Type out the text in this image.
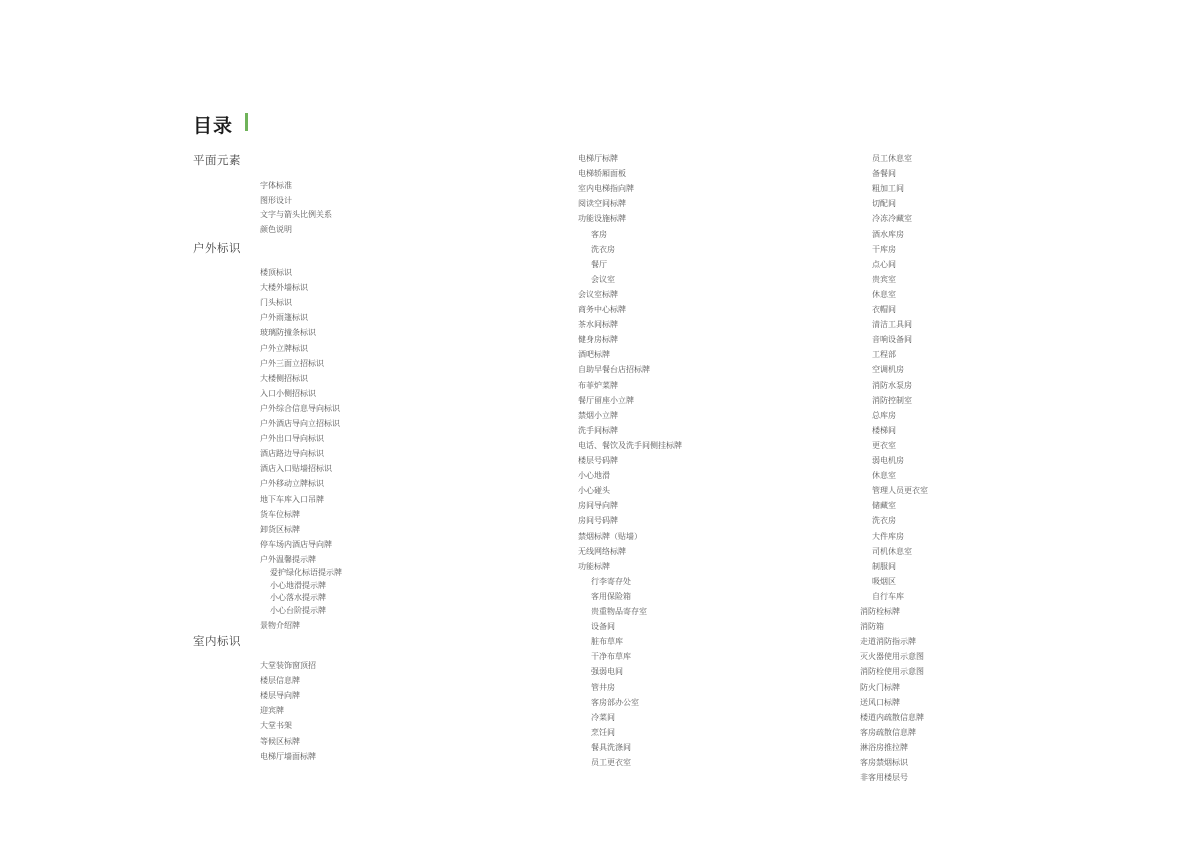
目录
平面元素
字体标准
图形设计
文字与箭头比例关系
颜色说明
户外标识
楼顶标识
大楼外墙标识
门头标识
户外雨篷标识
玻璃防撞条标识
户外立牌标识
户外三面立招标识
大楼侧招标识
入口小侧招标识
户外综合信息导向标识
户外酒店导向立招标识
户外出口导向标识
酒店路边导向标识
酒店入口贴墙招标识
户外移动立牌标识
地下车库入口吊牌
货车位标牌
卸货区标牌
停车场内酒店导向牌
户外温馨提示牌
爱护绿化标语提示牌
小心地滑提示牌
小心落水提示牌
小心台阶提示牌
景物介绍牌
室内标识
大堂装饰窗顶招
楼层信息牌
楼层导向牌
迎宾牌
大堂书架
等候区标牌
电梯厅墙面标牌
电梯厅标牌
电梯轿厢面板
室内电梯指向牌
阅读空间标牌
功能设施标牌
客房
洗衣房
餐厅
会议室
会议室标牌
商务中心标牌
茶水间标牌
健身房标牌
酒吧标牌
自助早餐台店招标牌
布菲炉菜牌
餐厅留座小立牌
禁烟小立牌
洗手间标牌
电话、餐饮及洗手间侧挂标牌
楼层号码牌
小心地滑
小心碰头
房间导向牌
房间号码牌
禁烟标牌（贴墙）
无线网络标牌
功能标牌
行李寄存处
客用保险箱
贵重物品寄存室
设备间
脏布草库
干净布草库
强弱电间
管井房
客房部办公室
冷菜间
烹饪间
餐具洗涤间
员工更衣室
员工休息室
备餐间
粗加工间
切配间
冷冻冷藏室
酒水库房
干库房
点心间
贵宾室
休息室
衣帽间
清洁工具间
音响设备间
工程部
空调机房
消防水泵房
消防控制室
总库房
楼梯间
更衣室
弱电机房
休息室
管理人员更衣室
储藏室
洗衣房
大件库房
司机休息室
制服间
吸烟区
自行车库
消防栓标牌
消防箱
走道消防指示牌
灭火器使用示意图
消防栓使用示意图
防火门标牌
送风口标牌
楼道内疏散信息牌
客房疏散信息牌
淋浴房推拉牌
客房禁烟标识
非客用楼层号
